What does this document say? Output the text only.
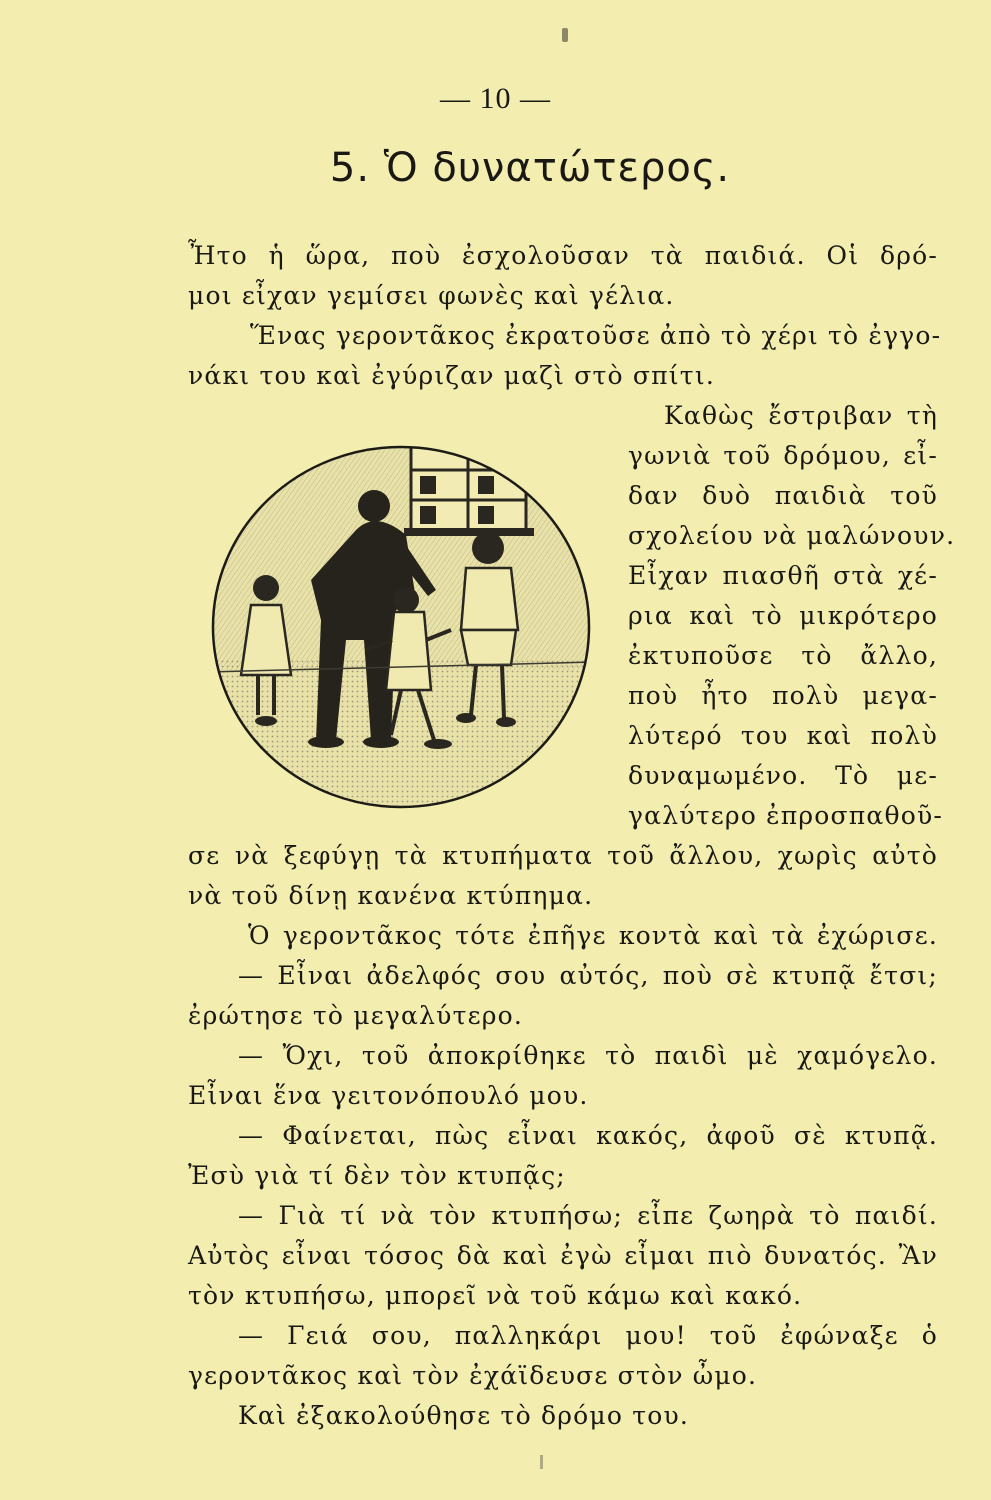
— 10 —
5. Ὁ δυνατώτερος.
Ἦτο ἡ ὥρα, ποὺ ἐσχολοῦσαν τὰ παιδιά. Οἱ δρό-
μοι εἶχαν γεμίσει φωνὲς καὶ γέλια.
Ἕνας γεροντᾶκος ἐκρατοῦσε ἀπὸ τὸ χέρι τὸ ἐγγο-
νάκι του καὶ ἐγύριζαν μαζὶ στὸ σπίτι.
Καθὼς ἔστριβαν τὴ
γωνιὰ τοῦ δρόμου, εἶ-
δαν δυὸ παιδιὰ τοῦ
σχολείου νὰ μαλώνουν.
Εἶχαν πιασθῆ στὰ χέ-
ρια καὶ τὸ μικρότερο
ἐκτυποῦσε τὸ ἄλλο,
ποὺ ἦτο πολὺ μεγα-
λύτερό του καὶ πολὺ
δυναμωμένο. Τὸ με-
γαλύτερο ἐπροσπαθοῦ-
σε νὰ ξεφύγῃ τὰ κτυπήματα τοῦ ἄλλου, χωρὶς αὐτὸ
νὰ τοῦ δίνῃ κανένα κτύπημα.
Ὁ γεροντᾶκος τότε ἐπῆγε κοντὰ καὶ τὰ ἐχώρισε.
— Εἶναι ἀδελφός σου αὐτός, ποὺ σὲ κτυπᾷ ἔτσι;
ἐρώτησε τὸ μεγαλύτερο.
— Ὄχι, τοῦ ἀποκρίθηκε τὸ παιδὶ μὲ χαμόγελο.
Εἶναι ἕνα γειτονόπουλό μου.
— Φαίνεται, πὼς εἶναι κακός, ἀφοῦ σὲ κτυπᾷ.
Ἐσὺ γιὰ τί δὲν τὸν κτυπᾷς;
— Γιὰ τί νὰ τὸν κτυπήσω; εἶπε ζωηρὰ τὸ παιδί.
Αὐτὸς εἶναι τόσος δὰ καὶ ἐγὼ εἶμαι πιὸ δυνατός. Ἂν
τὸν κτυπήσω, μπορεῖ νὰ τοῦ κάμω καὶ κακό.
— Γειά σου, παλληκάρι μου! τοῦ ἐφώναξε ὁ
γεροντᾶκος καὶ τὸν ἐχάϊδευσε στὸν ὦμο.
Καὶ ἐξακολούθησε τὸ δρόμο του.
